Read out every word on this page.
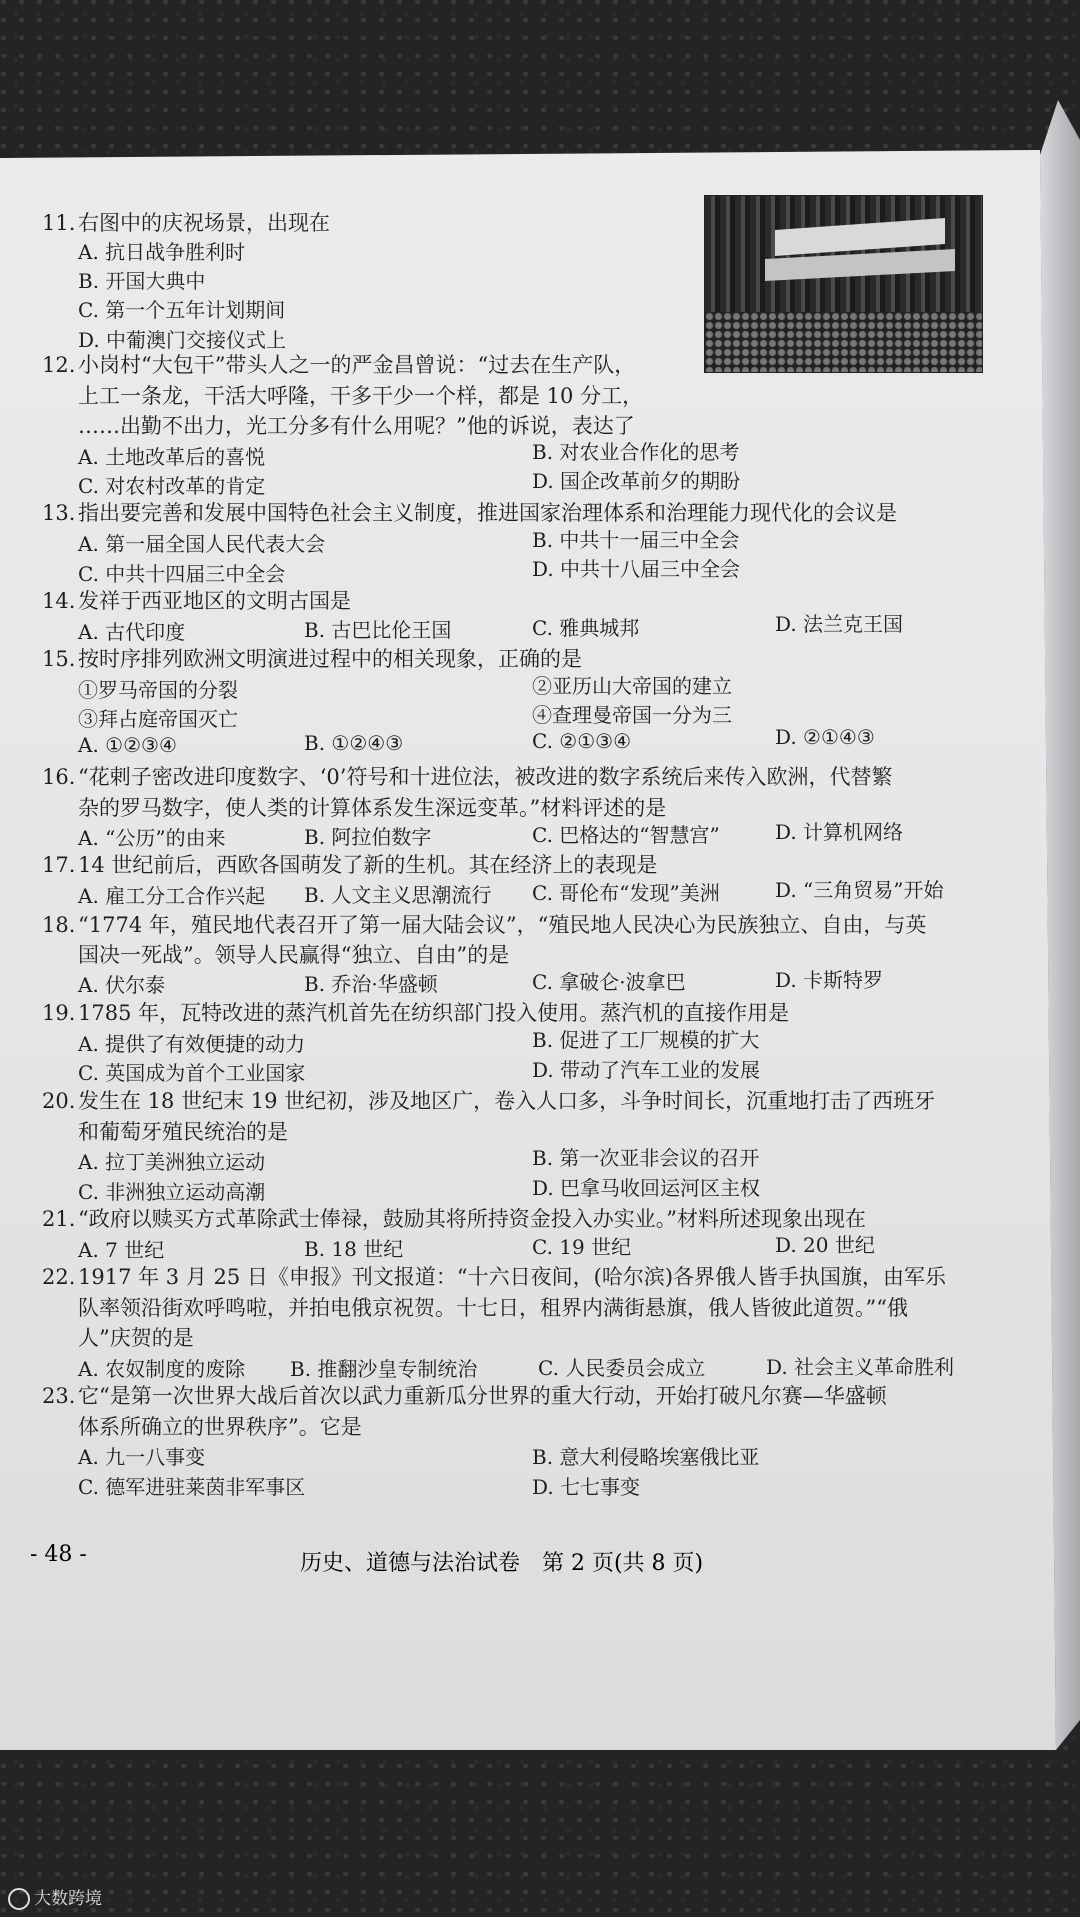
11. 右图中的庆祝场景，出现在
A. 抗日战争胜利时
B. 开国大典中
C. 第一个五年计划期间
D. 中葡澳门交接仪式上
12. 小岗村“大包干”带头人之一的严金昌曾说：“过去在生产队，
上工一条龙，干活大呼隆，干多干少一个样，都是 10 分工，
……出勤不出力，光工分多有什么用呢？”他的诉说，表达了
A. 土地改革后的喜悦	B. 对农业合作化的思考
C. 对农村改革的肯定	D. 国企改革前夕的期盼
13. 指出要完善和发展中国特色社会主义制度，推进国家治理体系和治理能力现代化的会议是
A. 第一届全国人民代表大会	B. 中共十一届三中全会
C. 中共十四届三中全会	D. 中共十八届三中全会
14. 发祥于西亚地区的文明古国是
A. 古代印度	B. 古巴比伦王国	C. 雅典城邦	D. 法兰克王国
15. 按时序排列欧洲文明演进过程中的相关现象，正确的是
①罗马帝国的分裂	②亚历山大帝国的建立
③拜占庭帝国灭亡	④查理曼帝国一分为三
A. ①②③④	B. ①②④③	C. ②①③④	D. ②①④③
16. “花剌子密改进印度数字、‘0’符号和十进位法，被改进的数字系统后来传入欧洲，代替繁
杂的罗马数字，使人类的计算体系发生深远变革。”材料评述的是
A. “公历”的由来	B. 阿拉伯数字	C. 巴格达的“智慧宫”	D. 计算机网络
17. 14 世纪前后，西欧各国萌发了新的生机。其在经济上的表现是
A. 雇工分工合作兴起 B. 人文主义思潮流行 C. 哥伦布“发现”美洲	D. “三角贸易”开始
18. “1774 年，殖民地代表召开了第一届大陆会议”，“殖民地人民决心为民族独立、自由，与英
国决一死战”。领导人民赢得“独立、自由”的是
A. 伏尔泰	B. 乔治·华盛顿	C. 拿破仑·波拿巴	D. 卡斯特罗
19. 1785 年，瓦特改进的蒸汽机首先在纺织部门投入使用。蒸汽机的直接作用是
A. 提供了有效便捷的动力	B. 促进了工厂规模的扩大
C. 英国成为首个工业国家	D. 带动了汽车工业的发展
20. 发生在 18 世纪末 19 世纪初，涉及地区广，卷入人口多，斗争时间长，沉重地打击了西班牙
和葡萄牙殖民统治的是
A. 拉丁美洲独立运动	B. 第一次亚非会议的召开
C. 非洲独立运动高潮	D. 巴拿马收回运河区主权
21. “政府以赎买方式革除武士俸禄，鼓励其将所持资金投入办实业。”材料所述现象出现在
A. 7 世纪	B. 18 世纪	C. 19 世纪	D. 20 世纪
22. 1917 年 3 月 25 日《申报》刊文报道：“十六日夜间，(哈尔滨)各界俄人皆手执国旗，由军乐
队率领沿街欢呼鸣啦，并拍电俄京祝贺。十七日，租界内满街悬旗，俄人皆彼此道贺。”“俄
人”庆贺的是
A. 农奴制度的废除 B. 推翻沙皇专制统治	C. 人民委员会成立	D. 社会主义革命胜利
23. 它“是第一次世界大战后首次以武力重新瓜分世界的重大行动，开始打破凡尔赛—华盛顿
体系所确立的世界秩序”。它是
A. 九一八事变	B. 意大利侵略埃塞俄比亚
C. 德军进驻莱茵非军事区	D. 七七事变
- 48 -	历史、道德与法治试卷　第 2 页(共 8 页)
大数跨境
